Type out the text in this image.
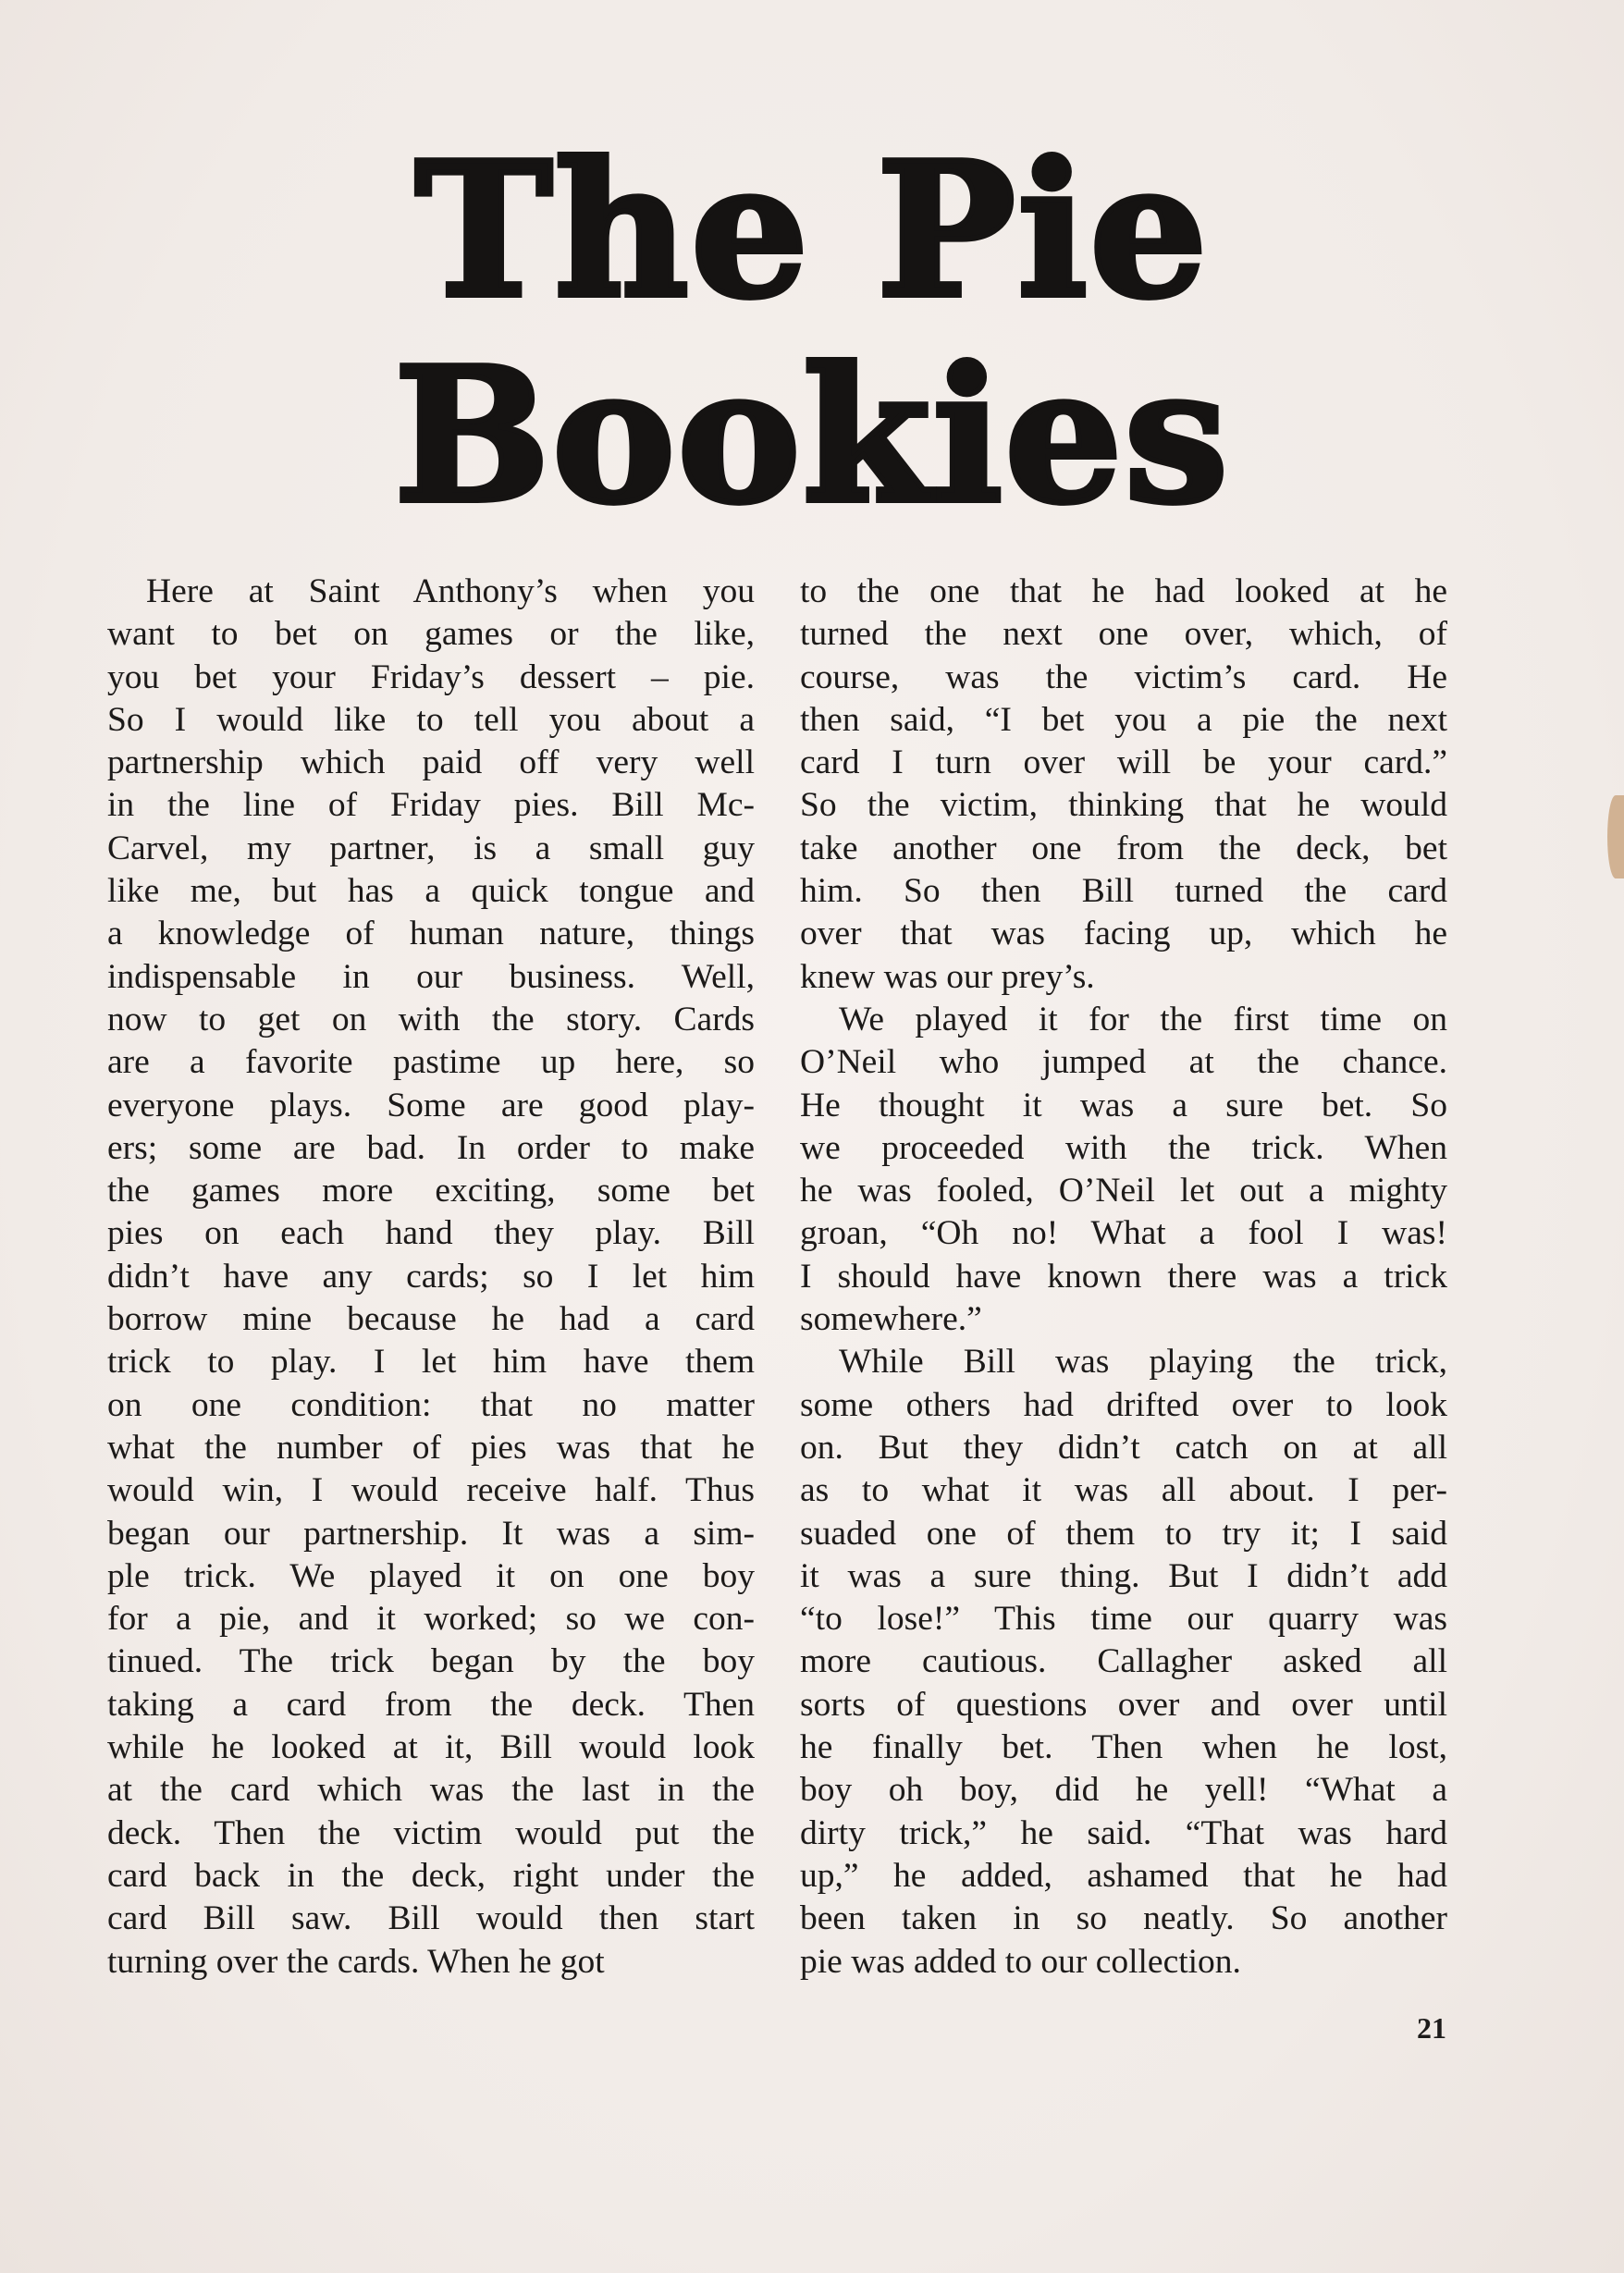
The Pie
Bookies
Here at Saint Anthony’s when you
want to bet on games or the like,
you bet your Friday’s dessert – pie.
So I would like to tell you about a
partnership which paid off very well
in the line of Friday pies. Bill Mc-
Carvel, my partner, is a small guy
like me, but has a quick tongue and
a knowledge of human nature, things
indispensable in our business. Well,
now to get on with the story. Cards
are a favorite pastime up here, so
everyone plays. Some are good play-
ers; some are bad. In order to make
the games more exciting, some bet
pies on each hand they play. Bill
didn’t have any cards; so I let him
borrow mine because he had a card
trick to play. I let him have them
on one condition: that no matter
what the number of pies was that he
would win, I would receive half. Thus
began our partnership. It was a sim-
ple trick. We played it on one boy
for a pie, and it worked; so we con-
tinued. The trick began by the boy
taking a card from the deck. Then
while he looked at it, Bill would look
at the card which was the last in the
deck. Then the victim would put the
card back in the deck, right under the
card Bill saw. Bill would then start
turning over the cards. When he got
to the one that he had looked at he
turned the next one over, which, of
course, was the victim’s card. He
then said, “I bet you a pie the next
card I turn over will be your card.”
So the victim, thinking that he would
take another one from the deck, bet
him. So then Bill turned the card
over that was facing up, which he
knew was our prey’s.
We played it for the first time on
O’Neil who jumped at the chance.
He thought it was a sure bet. So
we proceeded with the trick. When
he was fooled, O’Neil let out a mighty
groan, “Oh no! What a fool I was!
I should have known there was a trick
somewhere.”
While Bill was playing the trick,
some others had drifted over to look
on. But they didn’t catch on at all
as to what it was all about. I per-
suaded one of them to try it; I said
it was a sure thing. But I didn’t add
“to lose!” This time our quarry was
more cautious. Callagher asked all
sorts of questions over and over until
he finally bet. Then when he lost,
boy oh boy, did he yell! “What a
dirty trick,” he said. “That was hard
up,” he added, ashamed that he had
been taken in so neatly. So another
pie was added to our collection.
21
